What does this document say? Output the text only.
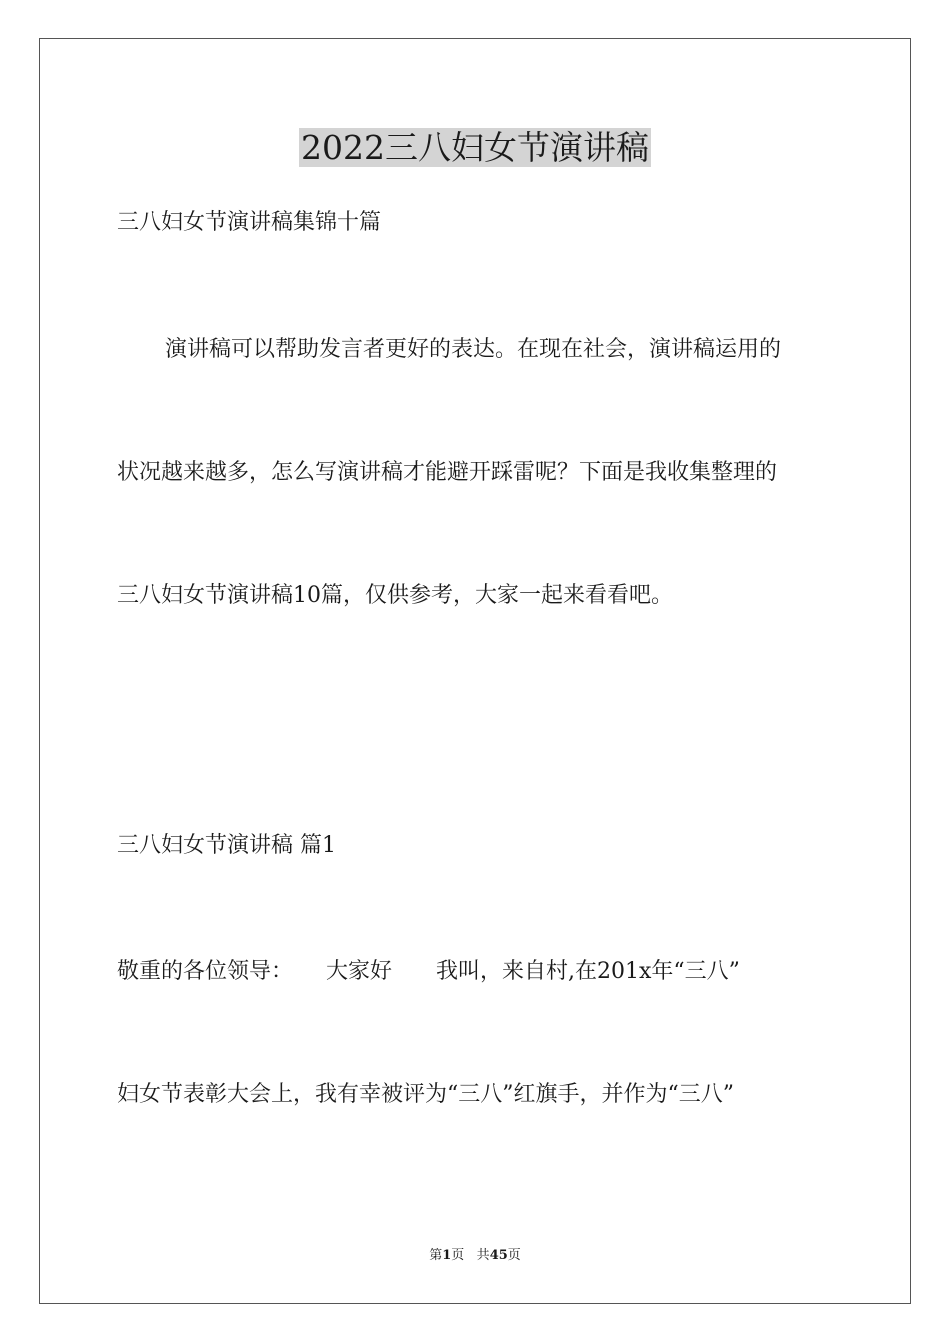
2022三八妇女节演讲稿
三八妇女节演讲稿集锦十篇
演讲稿可以帮助发言者更好的表达。在现在社会，演讲稿运用的
状况越来越多，怎么写演讲稿才能避开踩雷呢？下面是我收集整理的
三八妇女节演讲稿10篇，仅供参考，大家一起来看看吧。
三八妇女节演讲稿 篇1
敬重的各位领导：　　大家好　　我叫，来自村,在201x年“三八”
妇女节表彰大会上，我有幸被评为“三八”红旗手，并作为“三八”
第1页 共45页
